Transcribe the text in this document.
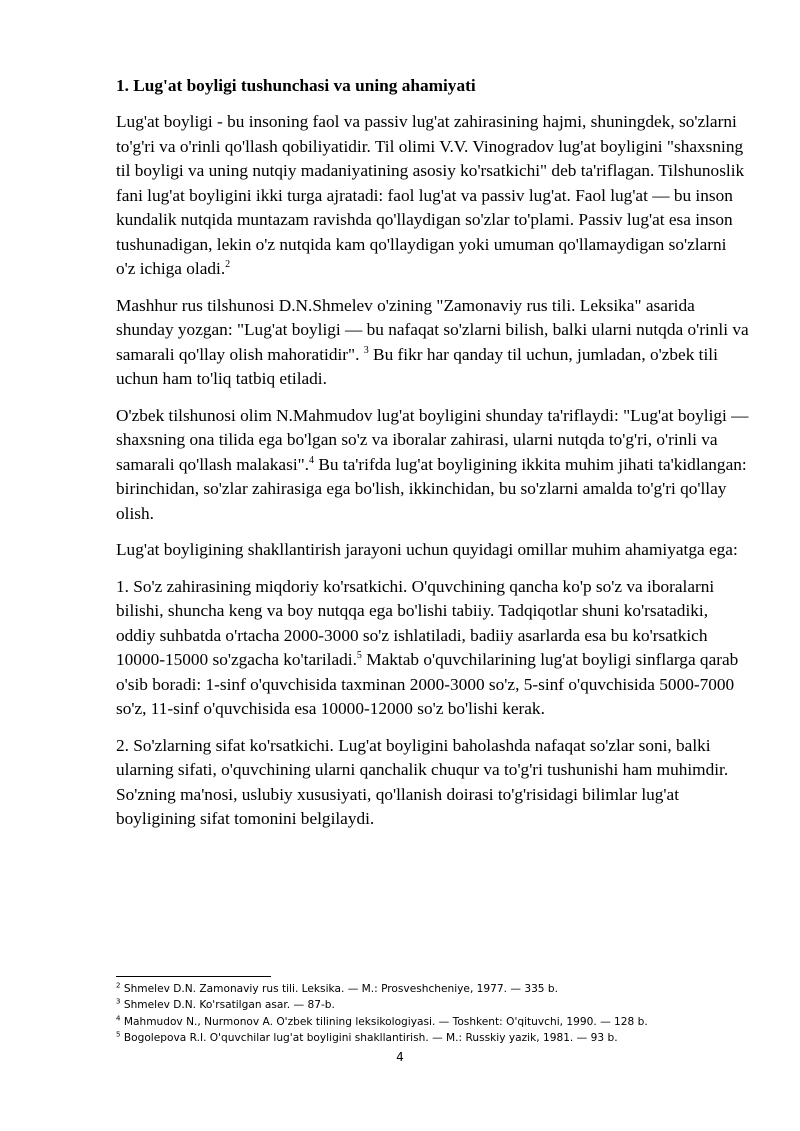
1. Lug'at boyligi tushunchasi va uning ahamiyati

Lug'at boyligi - bu insoning faol va passiv lug'at zahirasining hajmi, shuningdek, so'zlarni to'g'ri va o'rinli qo'llash qobiliyatidir. Til olimi V.V. Vinogradov lug'at boyligini "shaxsning til boyligi va uning nutqiy madaniyatining asosiy ko'rsatkichi" deb ta'riflagan. Tilshunoslik fani lug'at boyligini ikki turga ajratadi: faol lug'at va passiv lug'at. Faol lug'at — bu inson kundalik nutqida muntazam ravishda qo'llaydigan so'zlar to'plami. Passiv lug'at esa inson tushunadigan, lekin o'z nutqida kam qo'llaydigan yoki umuman qo'llamaydigan so'zlarni o'z ichiga oladi.$^2$

Mashhur rus tilshunosi D.N.Shmelev o'zining "Zamonaviy rus tili. Leksika" asarida shunday yozgan: "Lug'at boyligi — bu nafaqat so'zlarni bilish, balki ularni nutqda o'rinli va samarali qo'llay olish mahoratidir". $^3$ Bu fikr har qanday til uchun, jumladan, o'zbek tili uchun ham to'liq tatbiq etiladi.

O'zbek tilshunosi olim N.Mahmudov lug'at boyligini shunday ta'riflaydi: "Lug'at boyligi — shaxsning ona tilida ega bo'lgan so'z va iboralar zahirasi, ularni nutqda to'g'ri, o'rinli va samarali qo'llash malakasi".$^4$ Bu ta'rifda lug'at boyligining ikkita muhim jihati ta'kidlangan: birinchidan, so'zlar zahirasiga ega bo'lish, ikkinchidan, bu so'zlarni amalda to'g'ri qo'llay olish.

Lug'at boyligining shakllantirish jarayoni uchun quyidagi omillar muhim ahamiyatga ega:

1. So'z zahirasining miqdoriy ko'rsatkichi. O'quvchining qancha ko'p so'z va iboralarni bilishi, shuncha keng va boy nutqqa ega bo'lishi tabiiy. Tadqiqotlar shuni ko'rsatadiki, oddiy suhbatda o'rtacha 2000-3000 so'z ishlatiladi, badiiy asarlarda esa bu ko'rsatkich 10000-15000 so'zgacha ko'tariladi.$^5$ Maktab o'quvchilarining lug'at boyligi sinflarga qarab o'sib boradi: 1-sinf o'quvchisida taxminan 2000-3000 so'z, 5-sinf o'quvchisida 5000-7000 so'z, 11-sinf o'quvchisida esa 10000-12000 so'z bo'lishi kerak.

2. So'zlarning sifat ko'rsatkichi. Lug'at boyligini baholashda nafaqat so'zlar soni, balki ularning sifati, o'quvchining ularni qanchalik chuqur va to'g'ri tushunishi ham muhimdir. So'zning ma'nosi, uslubiy xususiyati, qo'llanish doirasi to'g'risidagi bilimlar lug'at boyligining sifat tomonini belgilaydi.

$^2$ Shmelev D.N. Zamonaviy rus tili. Leksika. — M.: Prosveshcheniye, 1977. — 335 b.
$^3$ Shmelev D.N. Ko'rsatilgan asar. — 87-b.
$^4$ Mahmudov N., Nurmonov A. O'zbek tilining leksikologiyasi. — Toshkent: O'qituvchi, 1990. — 128 b.
$^5$ Bogolepova R.I. O'quvchilar lug'at boyligini shakllantirish. — M.: Russkiy yazik, 1981. — 93 b.
4
